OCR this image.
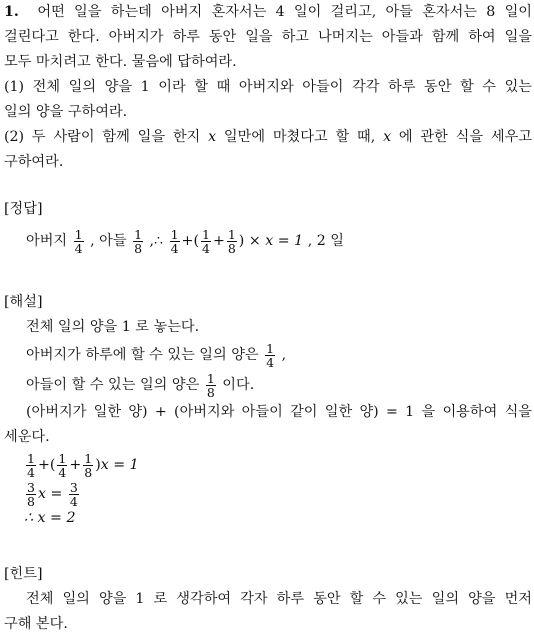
1. 어떤 일을 하는데 아버지 혼자서는 4 일이 걸리고, 아들 혼자서는 8 일이
걸린다고 한다. 아버지가 하루 동안 일을 하고 나머지는 아들과 함께 하여 일을
모두 마치려고 한다. 물음에 답하여라.
(1) 전체 일의 양을 1 이라 할 때 아버지와 아들이 각각 하루 동안 할 수 있는
일의 양을 구하여라.
(2) 두 사람이 함께 일을 한지 x 일만에 마쳤다고 할 때, x 에 관한 식을 세우고
구하여라.
[정답]
아버지 $\frac{1}{4}$ , 아들 $\frac{1}{8}$ ,∴ $\frac{1}{4}$ +( $\frac{1}{4} + \frac{1}{8}$ ) × x = 1 , 2 일
[해설]
전체 일의 양을 1 로 놓는다.
아버지가 하루에 할 수 있는 일의 양은 $\frac{1}{4}$ ,
아들이 할 수 있는 일의 양은 $\frac{1}{8}$ 이다.
(아버지가 일한 양) + (아버지와 아들이 같이 일한 양) = 1 을 이용하여 식을
세운다.
$\frac{1}{4}$ +( $\frac{1}{4} + \frac{1}{8} )x = 1$
$\frac{3}{8}$ $x = \frac{3}{4}$
∴ x = 2
[힌트]
전체 일의 양을 1 로 생각하여 각자 하루 동안 할 수 있는 일의 양을 먼저
구해 본다.
